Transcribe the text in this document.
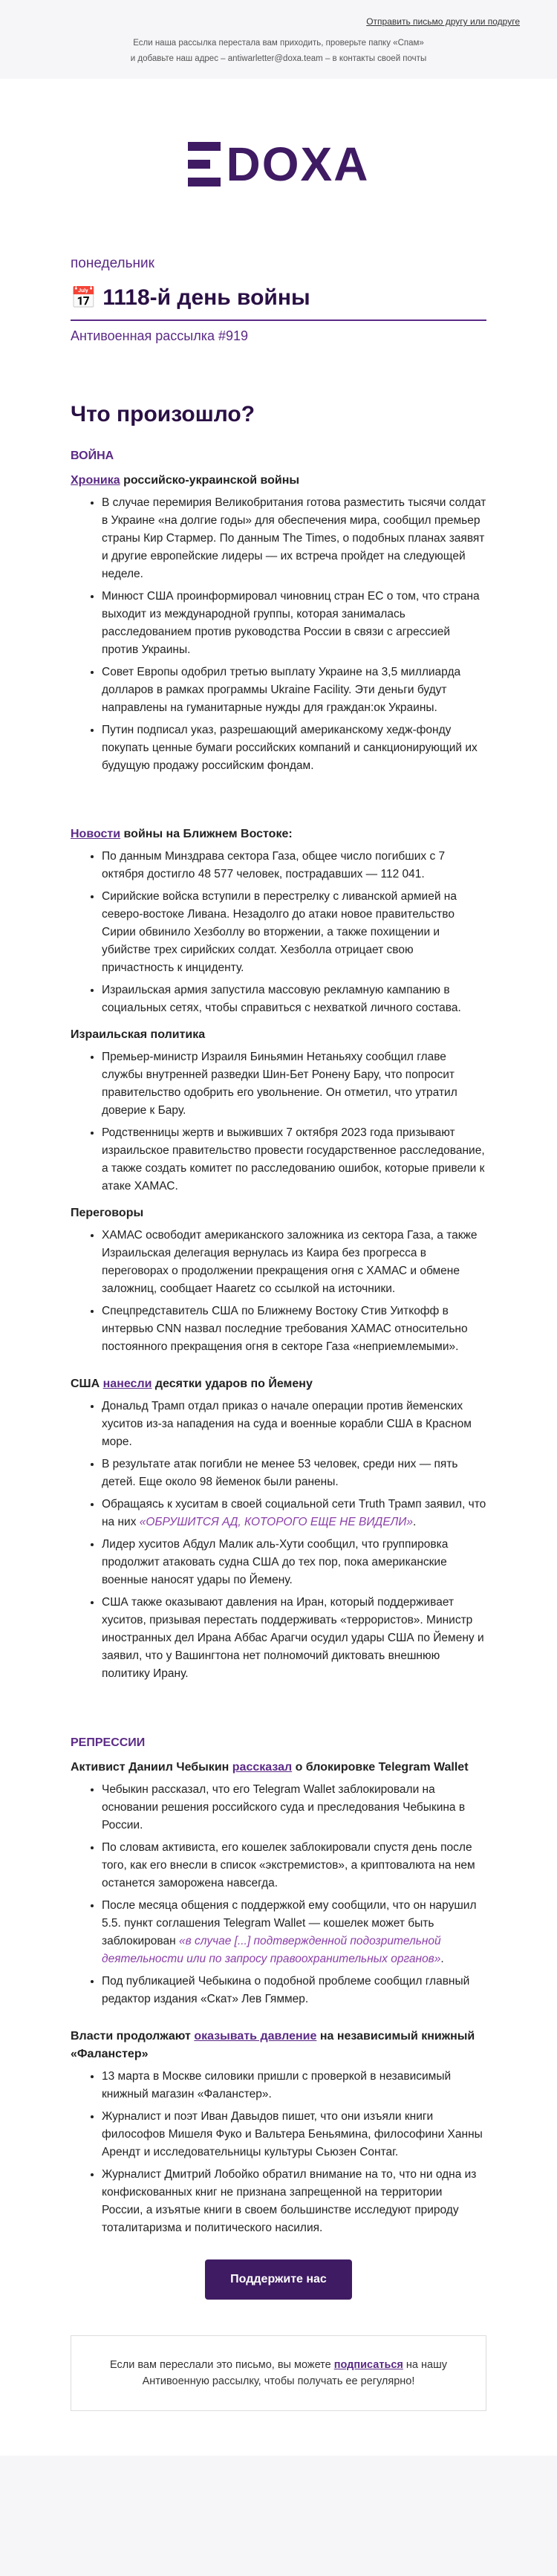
Отправить письмо другу или подруге
Если наша рассылка перестала вам приходить, проверьте папку «Спам»
и добавьте наш адрес – antiwarletter@doxa.team – в контакты своей почты
DOXA
понедельник
📅 1118-й день войны
Антивоенная рассылка #919
Что произошло?
ВОЙНА
Хроника российско-украинской войны
• В случае перемирия Великобритания готова разместить тысячи солдат в Украине «на долгие годы» для обеспечения мира, сообщил премьер страны Кир Стармер. По данным The Times, о подобных планах заявят и другие европейские лидеры — их встреча пройдет на следующей неделе.
• Минюст США проинформировал чиновниц стран ЕС о том, что страна выходит из международной группы, которая занималась расследованием против руководства России в связи с агрессией против Украины.
• Совет Европы одобрил третью выплату Украине на 3,5 миллиарда долларов в рамках программы Ukraine Facility. Эти деньги будут направлены на гуманитарные нужды для граждан:ок Украины.
• Путин подписал указ, разрешающий американскому хедж-фонду покупать ценные бумаги российских компаний и санкционирующий их будущую продажу российским фондам.
Новости войны на Ближнем Востоке:
• По данным Минздрава сектора Газа, общее число погибших с 7 октября достигло 48 577 человек, пострадавших — 112 041.
• Сирийские войска вступили в перестрелку с ливанской армией на северо-востоке Ливана. Незадолго до атаки новое правительство Сирии обвинило Хезболлу во вторжении, а также похищении и убийстве трех сирийских солдат. Хезболла отрицает свою причастность к инциденту.
• Израильская армия запустила массовую рекламную кампанию в социальных сетях, чтобы справиться с нехваткой личного состава.
Израильская политика
• Премьер-министр Израиля Биньямин Нетаньяху сообщил главе службы внутренней разведки Шин-Бет Ронену Бару, что попросит правительство одобрить его увольнение. Он отметил, что утратил доверие к Бару.
• Родственницы жертв и выживших 7 октября 2023 года призывают израильское правительство провести государственное расследование, а также создать комитет по расследованию ошибок, которые привели к атаке ХАМАС.
Переговоры
• ХАМАС освободит американского заложника из сектора Газа, а также Израильская делегация вернулась из Каира без прогресса в переговорах о продолжении прекращения огня с ХАМАС и обмене заложниц, сообщает Haaretz со ссылкой на источники.
• Спецпредставитель США по Ближнему Востоку Стив Уиткофф в интервью CNN назвал последние требования ХАМАС относительно постоянного прекращения огня в секторе Газа «неприемлемыми».
США нанесли десятки ударов по Йемену
• Дональд Трамп отдал приказ о начале операции против йеменских хуситов из-за нападения на суда и военные корабли США в Красном море.
• В результате атак погибли не менее 53 человек, среди них — пять детей. Еще около 98 йеменок были ранены.
• Обращаясь к хуситам в своей социальной сети Truth Трамп заявил, что на них «ОБРУШИТСЯ АД, КОТОРОГО ЕЩЕ НЕ ВИДЕЛИ».
• Лидер хуситов Абдул Малик аль-Хути сообщил, что группировка продолжит атаковать судна США до тех пор, пока американские военные наносят удары по Йемену.
• США также оказывают давления на Иран, который поддерживает хуситов, призывая перестать поддерживать «террористов». Министр иностранных дел Ирана Аббас Арагчи осудил удары США по Йемену и заявил, что у Вашингтона нет полномочий диктовать внешнюю политику Ирану.
РЕПРЕССИИ
Активист Даниил Чебыкин рассказал о блокировке Telegram Wallet
• Чебыкин рассказал, что его Telegram Wallet заблокировали на основании решения российского суда и преследования Чебыкина в России.
• По словам активиста, его кошелек заблокировали спустя день после того, как его внесли в список «экстремистов», а криптовалюта на нем останется заморожена навсегда.
• После месяца общения с поддержкой ему сообщили, что он нарушил 5.5. пункт соглашения Telegram Wallet — кошелек может быть заблокирован «в случае [...] подтвержденной подозрительной деятельности или по запросу правоохранительных органов».
• Под публикацией Чебыкина о подобной проблеме сообщил главный редактор издания «Скат» Лев Гяммер.
Власти продолжают оказывать давление на независимый книжный «Фаланстер»
• 13 марта в Москве силовики пришли с проверкой в независимый книжный магазин «Фаланстер».
• Журналист и поэт Иван Давыдов пишет, что они изъяли книги философов Мишеля Фуко и Вальтера Беньямина, философини Ханны Арендт и исследовательницы культуры Сьюзен Сонтаг.
• Журналист Дмитрий Лобойко обратил внимание на то, что ни одна из конфискованных книг не признана запрещенной на территории России, а изъятые книги в своем большинстве исследуют природу тоталитаризма и политического насилия.
Поддержите нас
Если вам переслали это письмо, вы можете подписаться на нашу Антивоенную рассылку, чтобы получать ее регулярно!
